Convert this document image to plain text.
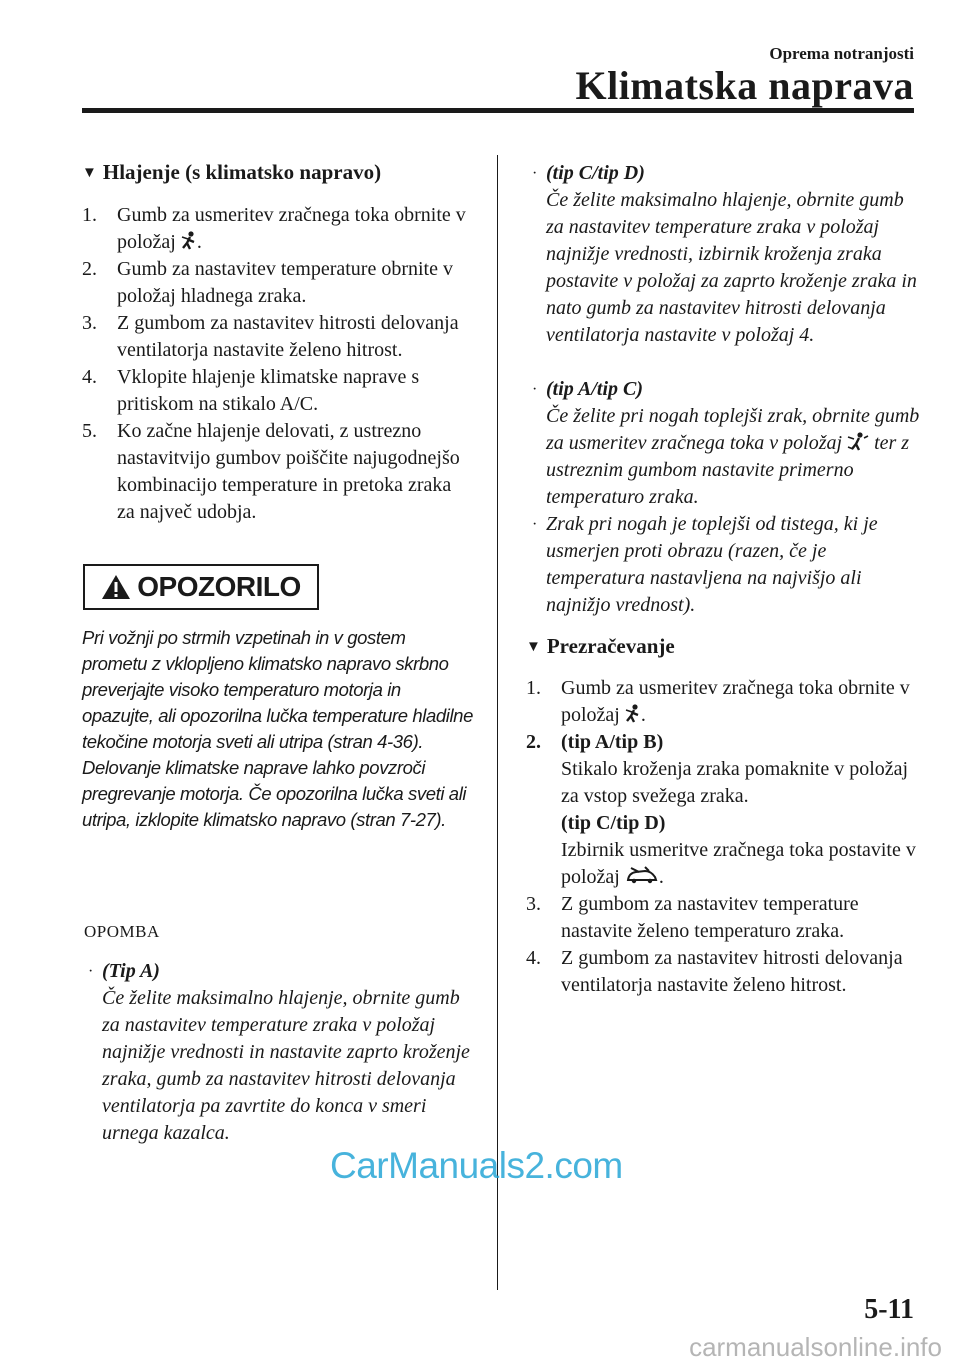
Oprema notranjosti
Klimatska naprava
▼ Hlajenje (s klimatsko napravo)
1. Gumb za usmeritev zračnega toka obrnite v položaj .
2. Gumb za nastavitev temperature obrnite v položaj hladnega zraka.
3. Z gumbom za nastavitev hitrosti delovanja ventilatorja nastavite želeno hitrost.
4. Vklopite hlajenje klimatske naprave s pritiskom na stikalo A/C.
5. Ko začne hlajenje delovati, z ustrezno nastavitvijo gumbov poiščite najugodnejšo kombinacijo temperature in pretoka zraka za največ udobja.
OPOZORILO

Pri vožnji po strmih vzpetinah in v gostem prometu z vklopljeno klimatsko napravo skrbno preverjajte visoko temperaturo motorja in opazujte, ali opozorilna lučka temperature hladilne tekočine motorja sveti ali utripa (stran 4-36).

Delovanje klimatske naprave lahko povzroči pregrevanje motorja. Če opozorilna lučka sveti ali utripa, izklopite klimatsko napravo (stran 7-27).

OPOMBA
· (Tip A)
Če želite maksimalno hlajenje, obrnite gumb za nastavitev temperature zraka v položaj najnižje vrednosti in nastavite zaprto kroženje zraka, gumb za nastavitev hitrosti delovanja ventilatorja pa zavrtite do konca v smeri urnega kazalca.
· (tip C/tip D)
Če želite maksimalno hlajenje, obrnite gumb za nastavitev temperature zraka v položaj najnižje vrednosti, izbirnik kroženja zraka postavite v položaj za zaprto kroženje zraka in nato gumb za nastavitev hitrosti delovanja ventilatorja nastavite v položaj 4.
· (tip A/tip C)
Če želite pri nogah toplejši zrak, obrnite gumb za usmeritev zračnega toka v položaj  ter z ustreznim gumbom nastavite primerno temperaturo zraka.
· Zrak pri nogah je toplejši od tistega, ki je usmerjen proti obrazu (razen, če je temperatura nastavljena na najvišjo ali najnižjo vrednost).
▼ Prezračevanje
1. Gumb za usmeritev zračnega toka obrnite v položaj .
2. (tip A/tip B)
Stikalo kroženja zraka pomaknite v položaj za vstop svežega zraka.
(tip C/tip D)
Izbirnik usmeritve zračnega toka postavite v položaj .
3. Z gumbom za nastavitev temperature nastavite želeno temperaturo zraka.
4. Z gumbom za nastavitev hitrosti delovanja ventilatorja nastavite želeno hitrost.
CarManuals2.com
5-11
carmanualsonline.info
